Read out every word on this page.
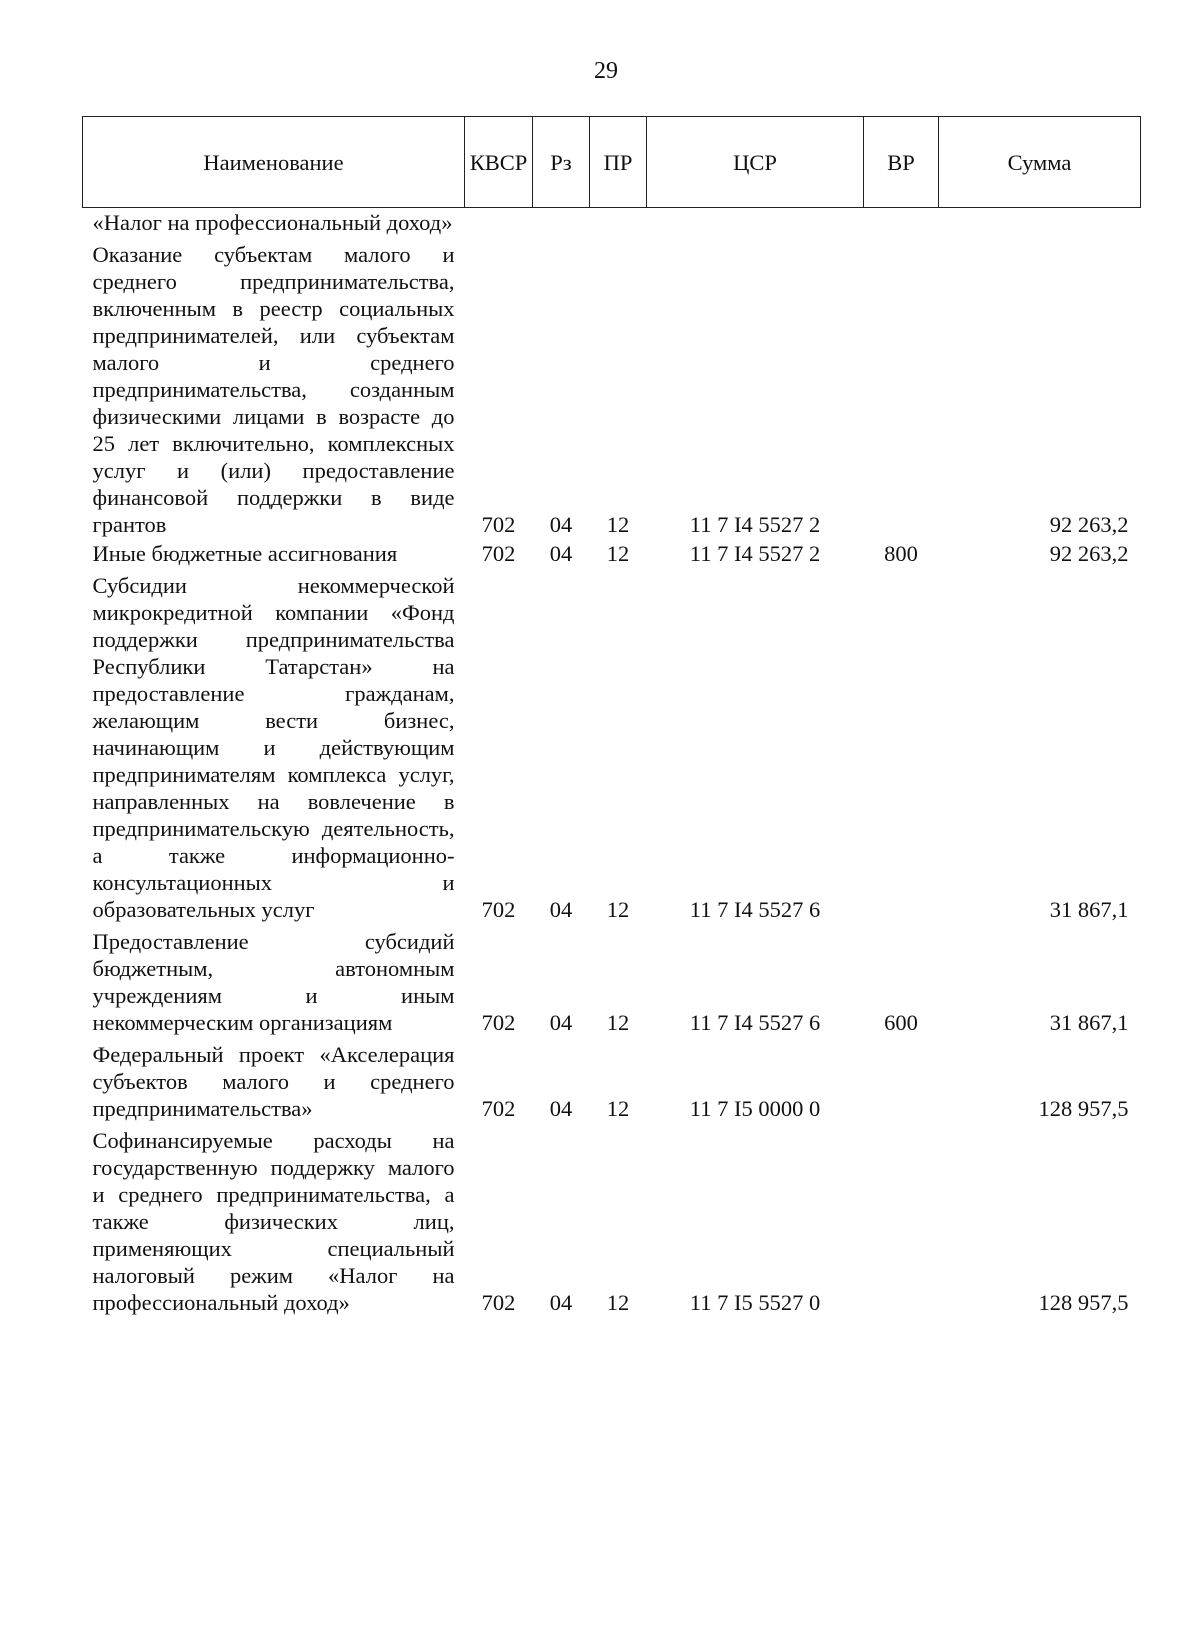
29
Наименование	КВСР	Рз	ПР	ЦСР	ВР	Сумма
«Налог на профессиональный доход»						
Оказание субъектам малого и среднего предпринимательства, включенным в реестр социальных предпринимателей, или субъектам малого и среднего предпринимательства, созданным физическими лицами в возрасте до 25 лет включительно, комплексных услуг и (или) предоставление финансовой поддержки в виде грантов	702	04	12	11 7 I4 5527 2		92 263,2
Иные бюджетные ассигнования	702	04	12	11 7 I4 5527 2	800	92 263,2
Субсидии некоммерческой микрокредитной компании «Фонд поддержки предпринимательства Республики Татарстан» на предоставление гражданам, желающим вести бизнес, начинающим и действующим предпринимателям комплекса услуг, направленных на вовлечение в предпринимательскую деятельность, а также информационно-консультационных и образовательных услуг	702	04	12	11 7 I4 5527 6		31 867,1
Предоставление субсидий бюджетным, автономным учреждениям и иным некоммерческим организациям	702	04	12	11 7 I4 5527 6	600	31 867,1
Федеральный проект «Акселерация субъектов малого и среднего предпринимательства»	702	04	12	11 7 I5 0000 0		128 957,5
Софинансируемые расходы на государственную поддержку малого и среднего предпринимательства, а также физических лиц, применяющих специальный налоговый режим «Налог на профессиональный доход»	702	04	12	11 7 I5 5527 0		128 957,5
